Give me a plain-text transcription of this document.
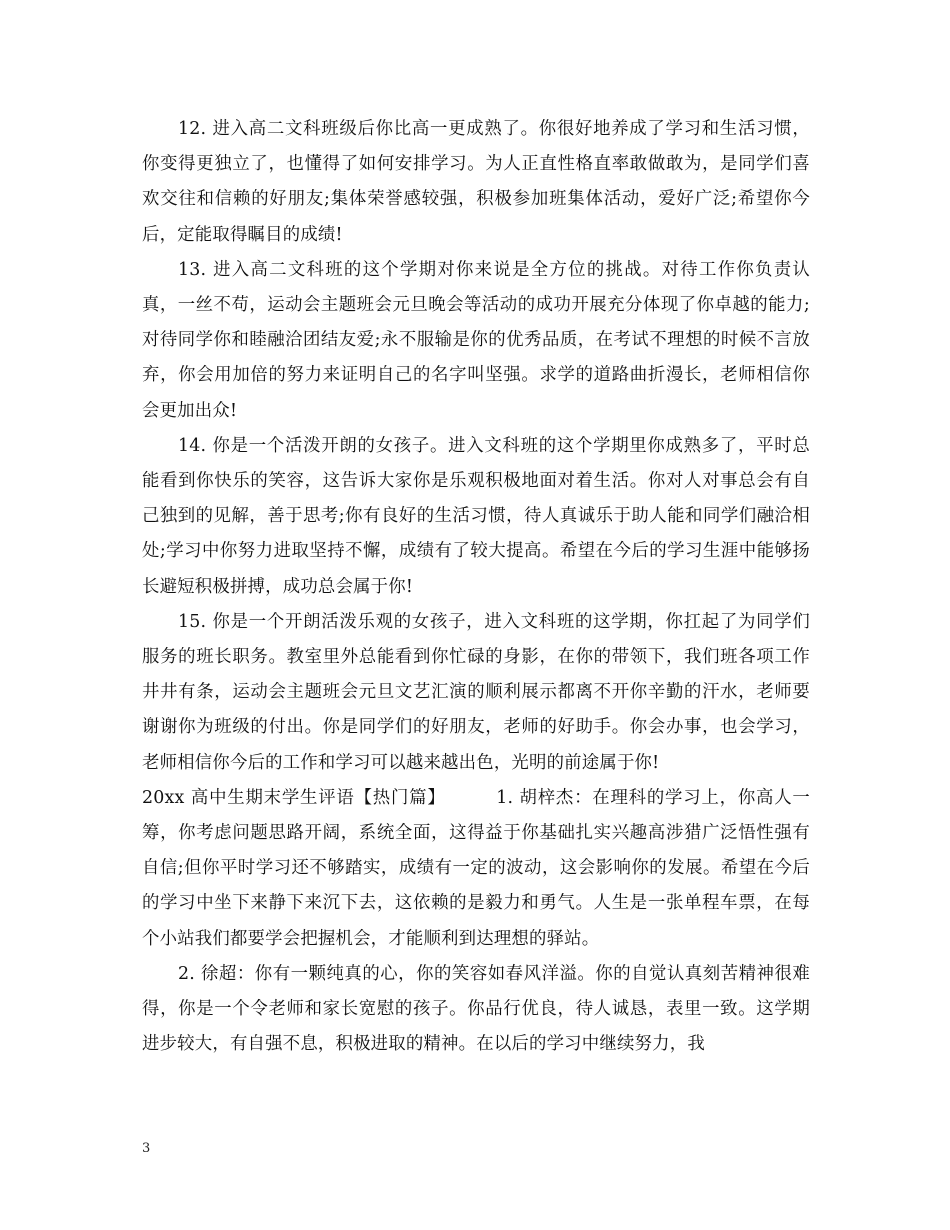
12. 进入高二文科班级后你比高一更成熟了。你很好地养成了学习和生活习惯，你变得更独立了，也懂得了如何安排学习。为人正直性格直率敢做敢为，是同学们喜欢交往和信赖的好朋友;集体荣誉感较强，积极参加班集体活动，爱好广泛;希望你今后，定能取得瞩目的成绩!

13. 进入高二文科班的这个学期对你来说是全方位的挑战。对待工作你负责认真，一丝不苟，运动会主题班会元旦晚会等活动的成功开展充分体现了你卓越的能力;对待同学你和睦融洽团结友爱;永不服输是你的优秀品质，在考试不理想的时候不言放弃，你会用加倍的努力来证明自己的名字叫坚强。求学的道路曲折漫长，老师相信你会更加出众!

14. 你是一个活泼开朗的女孩子。进入文科班的这个学期里你成熟多了，平时总能看到你快乐的笑容，这告诉大家你是乐观积极地面对着生活。你对人对事总会有自己独到的见解，善于思考;你有良好的生活习惯，待人真诚乐于助人能和同学们融洽相处;学习中你努力进取坚持不懈，成绩有了较大提高。希望在今后的学习生涯中能够扬长避短积极拼搏，成功总会属于你!

15. 你是一个开朗活泼乐观的女孩子，进入文科班的这学期，你扛起了为同学们服务的班长职务。教室里外总能看到你忙碌的身影，在你的带领下，我们班各项工作井井有条，运动会主题班会元旦文艺汇演的顺利展示都离不开你辛勤的汗水，老师要谢谢你为班级的付出。你是同学们的好朋友，老师的好助手。你会办事，也会学习，老师相信你今后的工作和学习可以越来越出色，光明的前途属于你!

20xx 高中生期末学生评语【热门篇】	1. 胡梓杰：在理科的学习上，你高人一筹，你考虑问题思路开阔，系统全面，这得益于你基础扎实兴趣高涉猎广泛悟性强有自信;但你平时学习还不够踏实，成绩有一定的波动，这会影响你的发展。希望在今后的学习中坐下来静下来沉下去，这依赖的是毅力和勇气。人生是一张单程车票，在每个小站我们都要学会把握机会，才能顺利到达理想的驿站。

2. 徐超：你有一颗纯真的心，你的笑容如春风洋溢。你的自觉认真刻苦精神很难得，你是一个令老师和家长宽慰的孩子。你品行优良，待人诚恳，表里一致。这学期进步较大，有自强不息，积极进取的精神。在以后的学习中继续努力，我

3
